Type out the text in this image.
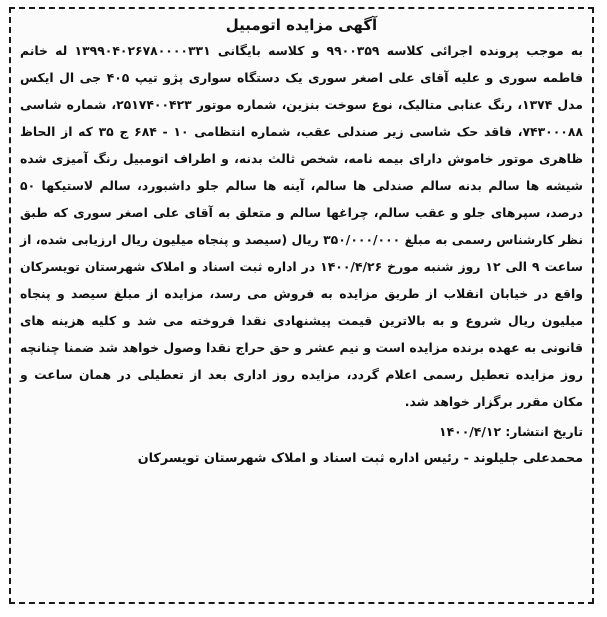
آگهی مزایده اتومبیل

به موجب پرونده اجرائی کلاسه ۹۹۰۰۳۵۹ و کلاسه بایگانی ۱۳۹۹۰۴۰۲۶۷۸۰۰۰۰۳۳۱ له خانم فاطمه سوری و علیه آقای علی اصغر سوری یک دستگاه سواری پژو تیپ ۴۰۵ جی ال ایکس مدل ۱۳۷۴، رنگ عنابی متالیک، نوع سوخت بنزین، شماره موتور ۲۵۱۷۴۰۰۴۲۳، شماره شاسی ۷۴۳۰۰۰۸۸، فاقد حک شاسی زیر صندلی عقب، شماره انتظامی ۱۰ - ۶۸۴ ج ۳۵ که از الحاظ ظاهری موتور خاموش دارای بیمه نامه، شخص ثالث بدنه، و اطراف اتومبیل رنگ آمیزی شده شیشه ها سالم بدنه سالم صندلی ها سالم، آینه ها سالم جلو داشبورد، سالم لاستیکها ۵۰ درصد، سپرهای جلو و عقب سالم، چراغها سالم و متعلق به آقای علی اصغر سوری که طبق نظر کارشناس رسمی به مبلغ ۳۵۰/۰۰۰/۰۰۰ ریال (سیصد و پنجاه میلیون ریال ارزیابی شده، از ساعت ۹ الی ۱۲ روز شنبه مورخ ۱۴۰۰/۴/۲۶ در اداره ثبت اسناد و املاک شهرستان تویسرکان واقع در خیابان انقلاب از طریق مزایده به فروش می رسد، مزایده از مبلغ سیصد و پنجاه میلیون ریال شروع و به بالاترین قیمت پیشنهادی نقدا فروخته می شد و کلیه هزینه های قانونی به عهده برنده مزایده است و نیم عشر و حق حراج نقدا وصول خواهد شد ضمنا چنانچه روز مزایده تعطیل رسمی اعلام گردد، مزایده روز اداری بعد از تعطیلی در همان ساعت و مکان مقرر برگزار خواهد شد.

تاریخ انتشار: ۱۴۰۰/۴/۱۲
محمدعلی جلیلوند - رئیس اداره ثبت اسناد و املاک شهرستان تویسرکان
